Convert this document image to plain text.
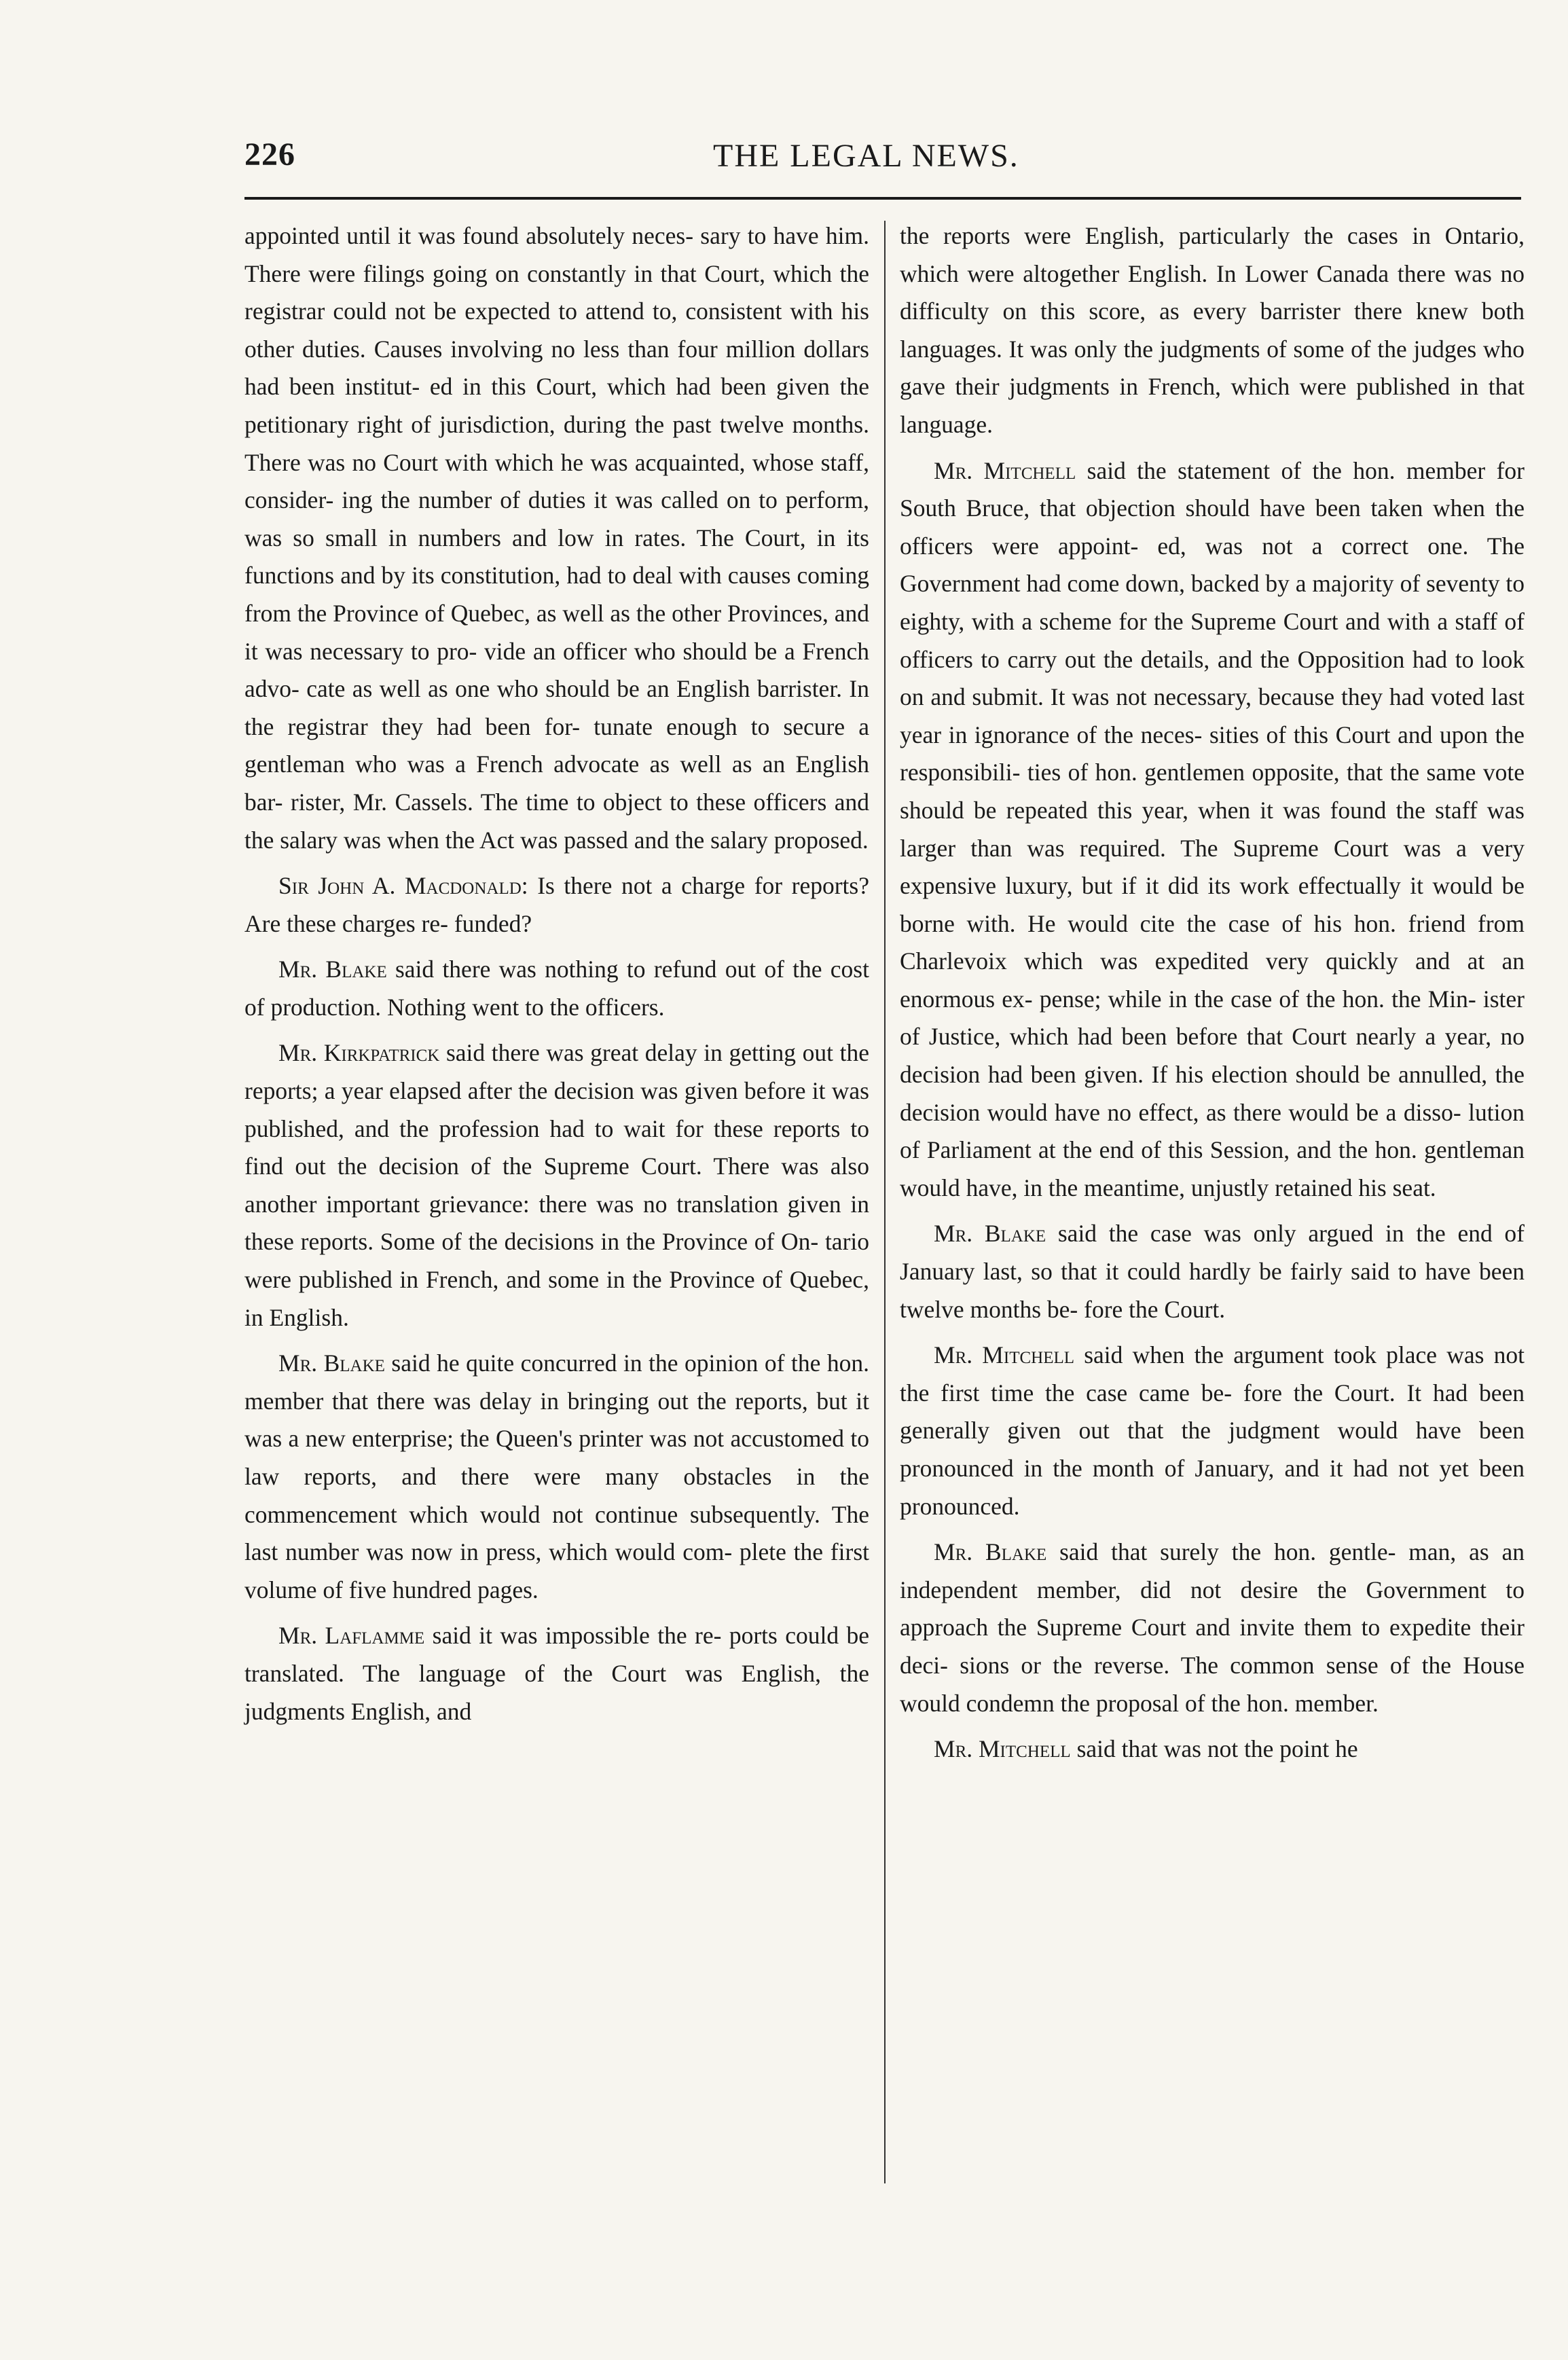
226	THE LEGAL NEWS.

appointed until it was found absolutely neces- sary to have him. There were filings going on constantly in that Court, which the registrar could not be expected to attend to, consistent with his other duties. Causes involving no less than four million dollars had been institut- ed in this Court, which had been given the petitionary right of jurisdiction, during the past twelve months. There was no Court with which he was acquainted, whose staff, consider- ing the number of duties it was called on to perform, was so small in numbers and low in rates. The Court, in its functions and by its constitution, had to deal with causes coming from the Province of Quebec, as well as the other Provinces, and it was necessary to pro- vide an officer who should be a French advo- cate as well as one who should be an English barrister. In the registrar they had been for- tunate enough to secure a gentleman who was a French advocate as well as an English bar- rister, Mr. Cassels. The time to object to these officers and the salary was when the Act was passed and the salary proposed.

Sir John A. Macdonald: Is there not a charge for reports? Are these charges re- funded?

Mr. Blake said there was nothing to refund out of the cost of production. Nothing went to the officers.

Mr. Kirkpatrick said there was great delay in getting out the reports; a year elapsed after the decision was given before it was published, and the profession had to wait for these reports to find out the decision of the Supreme Court. There was also another important grievance: there was no translation given in these reports. Some of the decisions in the Province of On- tario were published in French, and some in the Province of Quebec, in English.

Mr. Blake said he quite concurred in the opinion of the hon. member that there was delay in bringing out the reports, but it was a new enterprise; the Queen's printer was not accustomed to law reports, and there were many obstacles in the commencement which would not continue subsequently. The last number was now in press, which would com- plete the first volume of five hundred pages.

Mr. Laflamme said it was impossible the re- ports could be translated. The language of the Court was English, the judgments English, and

the reports were English, particularly the cases in Ontario, which were altogether English. In Lower Canada there was no difficulty on this score, as every barrister there knew both languages. It was only the judgments of some of the judges who gave their judgments in French, which were published in that language.

Mr. Mitchell said the statement of the hon. member for South Bruce, that objection should have been taken when the officers were appoint- ed, was not a correct one. The Government had come down, backed by a majority of seventy to eighty, with a scheme for the Supreme Court and with a staff of officers to carry out the details, and the Opposition had to look on and submit. It was not necessary, because they had voted last year in ignorance of the neces- sities of this Court and upon the responsibili- ties of hon. gentlemen opposite, that the same vote should be repeated this year, when it was found the staff was larger than was required. The Supreme Court was a very expensive luxury, but if it did its work effectually it would be borne with. He would cite the case of his hon. friend from Charlevoix which was expedited very quickly and at an enormous ex- pense; while in the case of the hon. the Min- ister of Justice, which had been before that Court nearly a year, no decision had been given. If his election should be annulled, the decision would have no effect, as there would be a disso- lution of Parliament at the end of this Session, and the hon. gentleman would have, in the meantime, unjustly retained his seat.

Mr. Blake said the case was only argued in the end of January last, so that it could hardly be fairly said to have been twelve months be- fore the Court.

Mr. Mitchell said when the argument took place was not the first time the case came be- fore the Court. It had been generally given out that the judgment would have been pronounced in the month of January, and it had not yet been pronounced.

Mr. Blake said that surely the hon. gentle- man, as an independent member, did not desire the Government to approach the Supreme Court and invite them to expedite their deci- sions or the reverse. The common sense of the House would condemn the proposal of the hon. member.

Mr. Mitchell said that was not the point he
